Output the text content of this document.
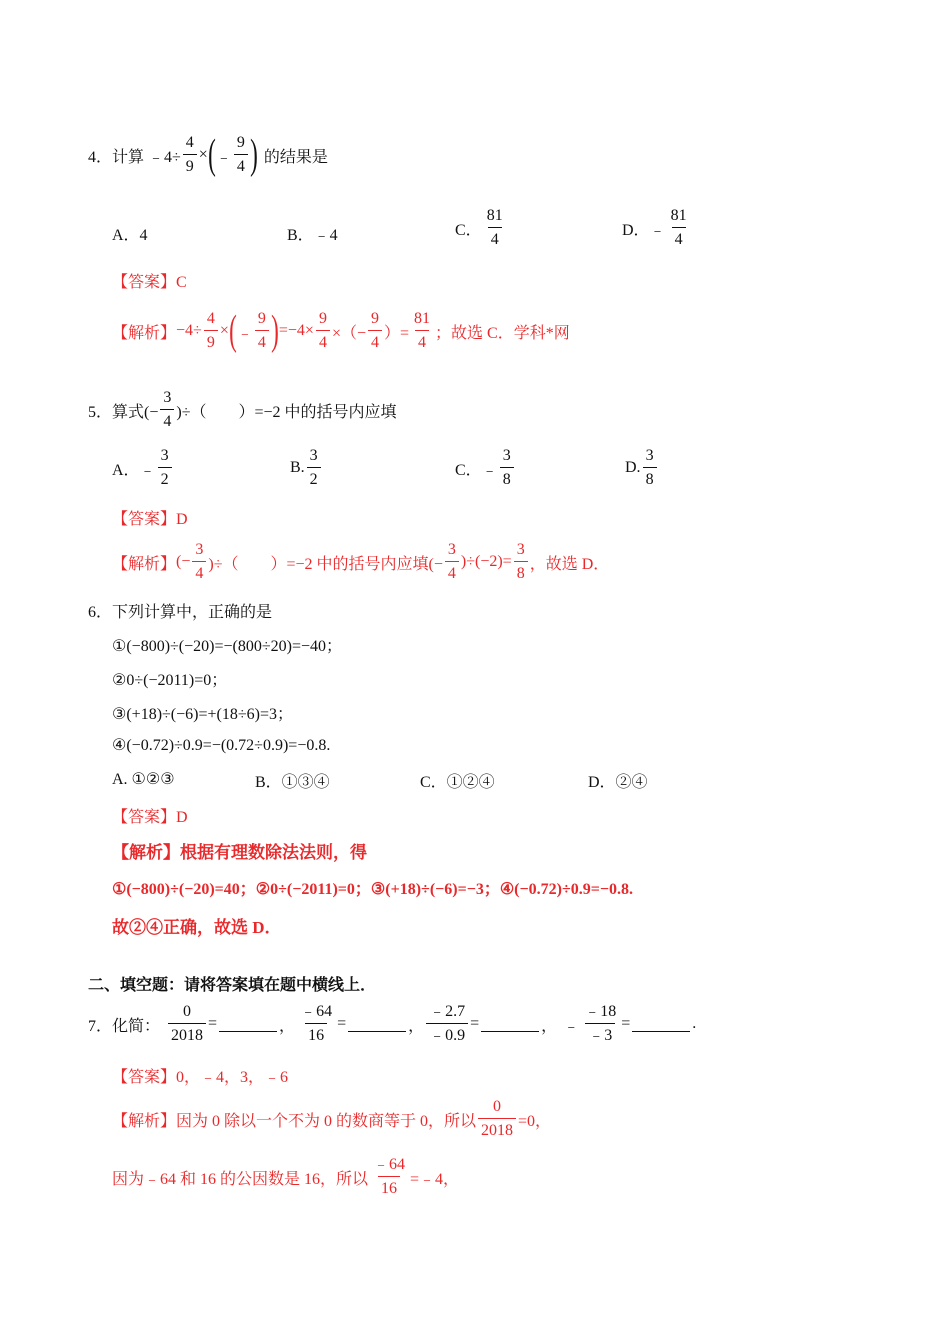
4．计算 ﹣4÷ $\frac{4}{9}$ × ( ﹣ $\frac{9}{4}$ ) 的结果是
A．4	B．﹣4	C． $\frac{81}{4}$	D．﹣ $\frac{81}{4}$
【答案】C
【解析】 $-4\div \frac{4}{9}$ × ( ﹣ $\frac{9}{4}$ ) $=-4\times \frac{9}{4}$ ×（− $\frac{9}{4}$ ）= $\frac{81}{4}$ ；故选 C．学科*网
5．算式(− $\frac{3}{4}$ )÷（　　）=−2 中的括号内应填
A．﹣ $\frac{3}{2}$	B. $\frac{3}{2}$	C．﹣ $\frac{3}{8}$	D. $\frac{3}{8}$
【答案】D
【解析】 (− $\frac{3}{4}$ )÷（　　）=−2 中的括号内应填(− $\frac{3}{4} )\div(-2)= \frac{3}{8}$ ，故选 D．
6．下列计算中，正确的是
①(−800)÷(−20)=−(800÷20)=−40；
②0÷(−2011)=0；
③(+18)÷(−6)=+(18÷6)=3；
④(−0.72)÷0.9=−(0.72÷0.9)=−0.8.
A. ①②③	B．①③④	C．①②④	D．②④
【答案】D
【解析】根据有理数除法法则，得
①(−800)÷(−20)=40；②0÷(−2011)=0；③(+18)÷(−6)=−3；④(−0.72)÷0.9=−0.8.
故②④正确，故选 D．
二、填空题：请将答案填在题中横线上．
7．化简： $\frac{0}{2018}$ =	， $\frac{﹣64}{16}$ =	， $\frac{﹣2.7}{﹣0.9}$ =	， ﹣ $\frac{﹣18}{﹣3}$ =	.
【答案】0，﹣4，3，﹣6
【解析】 因为 0 除以一个不为 0 的数商等于 0，所以 $\frac{0}{2018} =0$，
因为﹣64 和 16 的公因数是 16，所以 $\frac{﹣64}{16}$ =﹣4，
